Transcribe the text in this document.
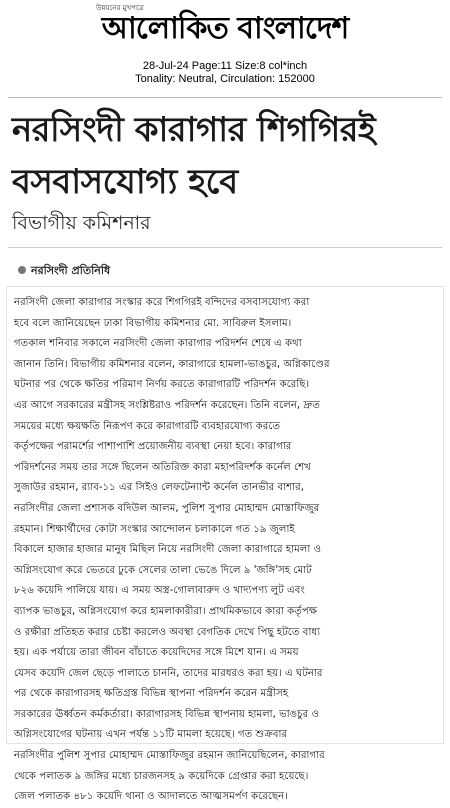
উন্নয়নের মুখপত্রে
আলোকিত বাংলাদেশ
28-Jul-24 Page:11 Size:8 col*inch
Tonality: Neutral, Circulation: 152000
নরসিংদী কারাগার শিগগিরই
বসবাসযোগ্য হবে
বিভাগীয় কমিশনার
নরসিংদী প্রতিনিধি
নরসিংদী জেলা কারাগার সংস্কার করে শিগগিরই বন্দিদের বসবাসযোগ্য করা
হবে বলে জানিয়েছেন ঢাকা বিভাগীয় কমিশনার মো. সাবিরুল ইসলাম।
গতকাল শনিবার সকালে নরসিংদী জেলা কারাগার পরিদর্শন শেষে এ কথা
জানান তিনি। বিভাগীয় কমিশনার বলেন, কারাগারে হামলা-ভাঙচুর, অগ্নিকাণ্ডের
ঘটনার পর থেকে ক্ষতির পরিমাণ নির্ণয় করতে কারাগারটি পরিদর্শন করেছি।
এর আগে সরকারের মন্ত্রীসহ সংশ্লিষ্টরাও পরিদর্শন করেছেন। তিনি বলেন, দ্রুত
সময়ের মধ্যে ক্ষয়ক্ষতি নিরূপণ করে কারাগারটি ব্যবহারযোগ্য করতে
কর্তৃপক্ষের পরামর্শের পাশাপাশি প্রয়োজনীয় ব্যবস্থা নেয়া হবে। কারাগার
পরিদর্শনের সময় তার সঙ্গে ছিলেন অতিরিক্ত কারা মহাপরিদর্শক কর্নেল শেখ
সুজাউর রহমান, র‍্যাব-১১ এর সিইও লেফটেন্যান্ট কর্নেল তানভীর বাশার,
নরসিংদীর জেলা প্রশাসক বদিউল আলম, পুলিশ সুপার মোহাম্মদ মোস্তাফিজুর
রহমান। শিক্ষার্থীদের কোটা সংস্কার আন্দোলন চলাকালে গত ১৯ জুলাই
বিকালে হাজার হাজার মানুষ মিছিল নিয়ে নরসিংদী জেলা কারাগারে হামলা ও
অগ্নিসংযোগ করে ভেতরে ঢুকে সেলের তালা ভেঙে দিলে ৯ 'জঙ্গি'সহ মোট
৮২৬ কয়েদি পালিয়ে যায়। এ সময় অস্ত্র-গোলাবারুদ ও খাদ্যপণ্য লুট এবং
ব্যাপক ভাঙচুর, অগ্নিসংযোগ করে হামলাকারীরা। প্রাথমিকভাবে কারা কর্তৃপক্ষ
ও রক্ষীরা প্রতিহত করার চেষ্টা করলেও অবস্থা বেগতিক দেখে পিছু হটতে বাধ্য
হয়। এক পর্যায়ে তারা জীবন বাঁচাতে কয়েদিদের সঙ্গে মিশে যান। এ সময়
যেসব কয়েদি জেল ছেড়ে পালাতে চাননি, তাদের মারধরও করা হয়। এ ঘটনার
পর থেকে কারাগারসহ ক্ষতিগ্রস্ত বিভিন্ন স্থাপনা পরিদর্শন করেন মন্ত্রীসহ
সরকারের ঊর্ধ্বতন কর্মকর্তারা। কারাগারসহ বিভিন্ন স্থাপনায় হামলা, ভাঙচুর ও
অগ্নিসংযোগের ঘটনায় এখন পর্যন্ত ১১টি মামলা হয়েছে। গত শুক্রবার
নরসিংদীর পুলিশ সুপার মোহাম্মদ মোস্তাফিজুর রহমান জানিয়েছিলেন, কারাগার
থেকে পলাতক ৯ জঙ্গির মধ্যে চারজনসহ ৯ কয়েদিকে গ্রেপ্তার করা হয়েছে।
জেল পলাতক ৪৮১ কয়েদি থানা ও আদালতে আত্মসমর্পণ করেছেন।
